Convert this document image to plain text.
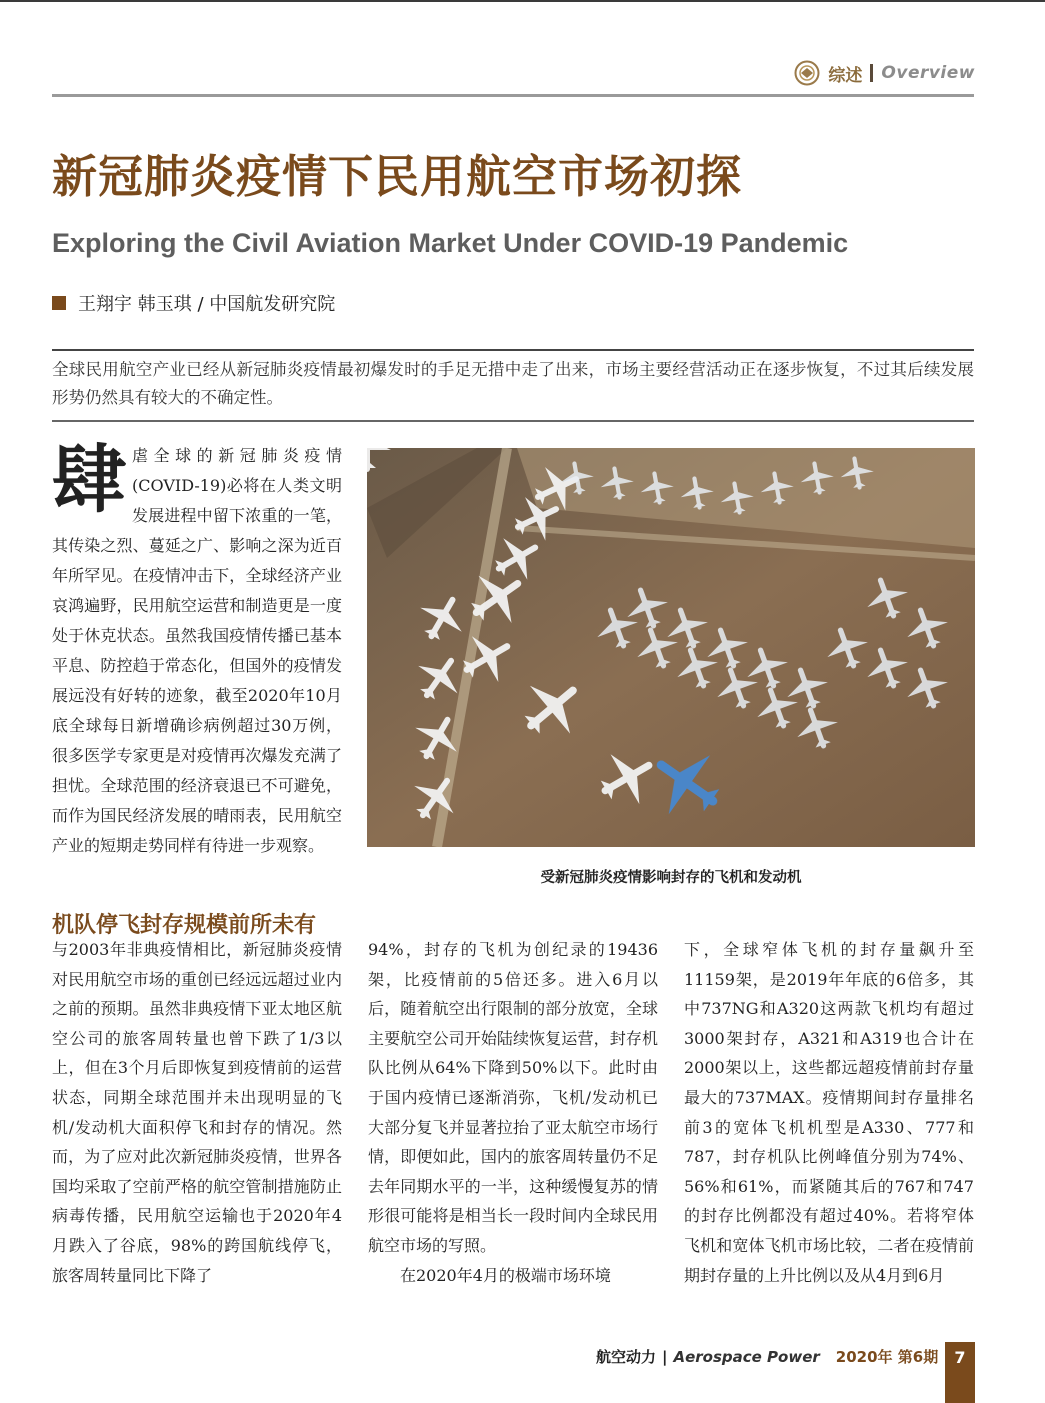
综述 Overview
新冠肺炎疫情下民用航空市场初探
Exploring the Civil Aviation Market Under COVID-19 Pandemic
王翔宇 韩玉琪 / 中国航发研究院
全球民用航空产业已经从新冠肺炎疫情最初爆发时的手足无措中走了出来，市场主要经营活动正在逐步恢复，不过其后续发展形势仍然具有较大的不确定性。
肆 虐全球的新冠肺炎疫情(COVID-19)必将在人类文明发展进程中留下浓重的一笔，其传染之烈、蔓延之广、影响之深为近百年所罕见。在疫情冲击下，全球经济产业哀鸿遍野，民用航空运营和制造更是一度处于休克状态。虽然我国疫情传播已基本平息、防控趋于常态化，但国外的疫情发展远没有好转的迹象，截至2020年10月底全球每日新增确诊病例超过30万例，很多医学专家更是对疫情再次爆发充满了担忧。全球范围的经济衰退已不可避免，而作为国民经济发展的晴雨表，民用航空产业的短期走势同样有待进一步观察。
受新冠肺炎疫情影响封存的飞机和发动机
机队停飞封存规模前所未有
与2003年非典疫情相比，新冠肺炎疫情对民用航空市场的重创已经远远超过业内之前的预期。虽然非典疫情下亚太地区航空公司的旅客周转量也曾下跌了1/3以上，但在3个月后即恢复到疫情前的运营状态，同期全球范围并未出现明显的飞机/发动机大面积停飞和封存的情况。然而，为了应对此次新冠肺炎疫情，世界各国均采取了空前严格的航空管制措施防止病毒传播，民用航空运输也于2020年4月跌入了谷底，98%的跨国航线停飞，旅客周转量同比下降了
94%，封存的飞机为创纪录的19436架，比疫情前的5倍还多。进入6月以后，随着航空出行限制的部分放宽，全球主要航空公司开始陆续恢复运营，封存机队比例从64%下降到50%以下。此时由于国内疫情已逐渐消弥，飞机/发动机已大部分复飞并显著拉抬了亚太航空市场行情，即便如此，国内的旅客周转量仍不足去年同期水平的一半，这种缓慢复苏的情形很可能将是相当长一段时间内全球民用航空市场的写照。
在2020年4月的极端市场环境
下，全球窄体飞机的封存量飙升至11159架，是2019年年底的6倍多，其中737NG和A320这两款飞机均有超过3000架封存，A321和A319也合计在2000架以上，这些都远超疫情前封存量最大的737MAX。疫情期间封存量排名前3的宽体飞机机型是A330、777和787，封存机队比例峰值分别为74%、56%和61%，而紧随其后的767和747的封存比例都没有超过40%。若将窄体飞机和宽体飞机市场比较，二者在疫情前期封存量的上升比例以及从4月到6月
航空动力 | Aerospace Power 2020年 第6期	7
